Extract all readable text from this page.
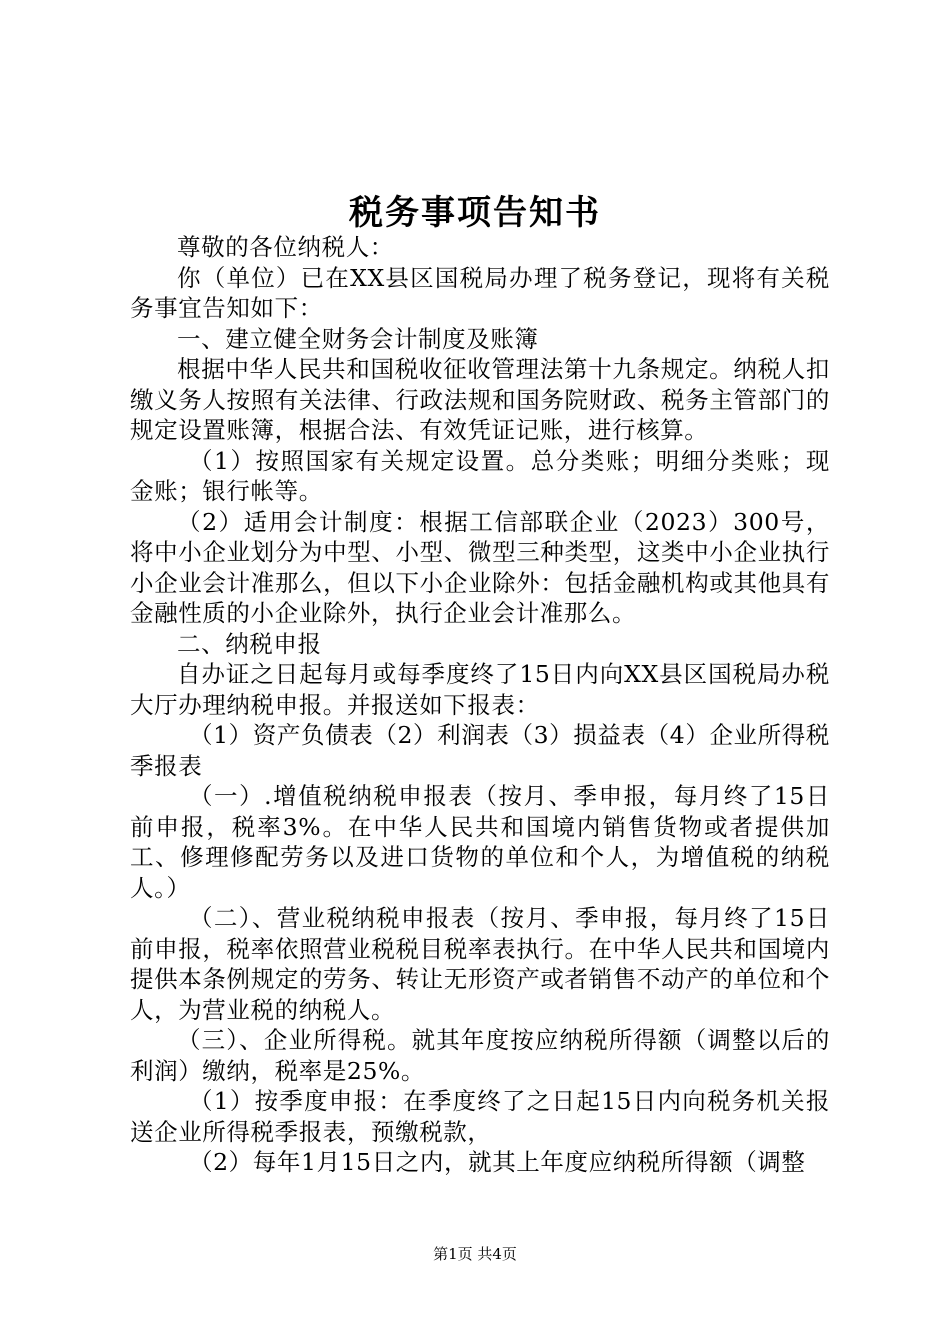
税务事项告知书

尊敬的各位纳税人：

你（单位）已在XX县区国税局办理了税务登记，现将有关税务事宜告知如下：

一、建立健全财务会计制度及账簿

根据中华人民共和国税收征收管理法第十九条规定。纳税人扣缴义务人按照有关法律、行政法规和国务院财政、税务主管部门的规定设置账簿，根据合法、有效凭证记账，进行核算。

（1）按照国家有关规定设置。总分类账；明细分类账；现金账；银行帐等。

（2）适用会计制度：根据工信部联企业（2023）300号，将中小企业划分为中型、小型、微型三种类型，这类中小企业执行小企业会计准那么，但以下小企业除外：包括金融机构或其他具有金融性质的小企业除外，执行企业会计准那么。

二、纳税申报

自办证之日起每月或每季度终了15日内向XX县区国税局办税大厅办理纳税申报。并报送如下报表：

（1）资产负债表（2）利润表（3）损益表（4）企业所得税季报表

（一）.增值税纳税申报表（按月、季申报，每月终了15日前申报，税率3%。在中华人民共和国境内销售货物或者提供加工、修理修配劳务以及进口货物的单位和个人，为增值税的纳税人。）

（二）、营业税纳税申报表（按月、季申报，每月终了15日前申报，税率依照营业税税目税率表执行。在中华人民共和国境内提供本条例规定的劳务、转让无形资产或者销售不动产的单位和个人，为营业税的纳税人。

（三）、企业所得税。就其年度按应纳税所得额（调整以后的利润）缴纳，税率是25%。

（1）按季度申报：在季度终了之日起15日内向税务机关报送企业所得税季报表，预缴税款，

（2）每年1月15日之内，就其上年度应纳税所得额（调整

第1页 共4页
